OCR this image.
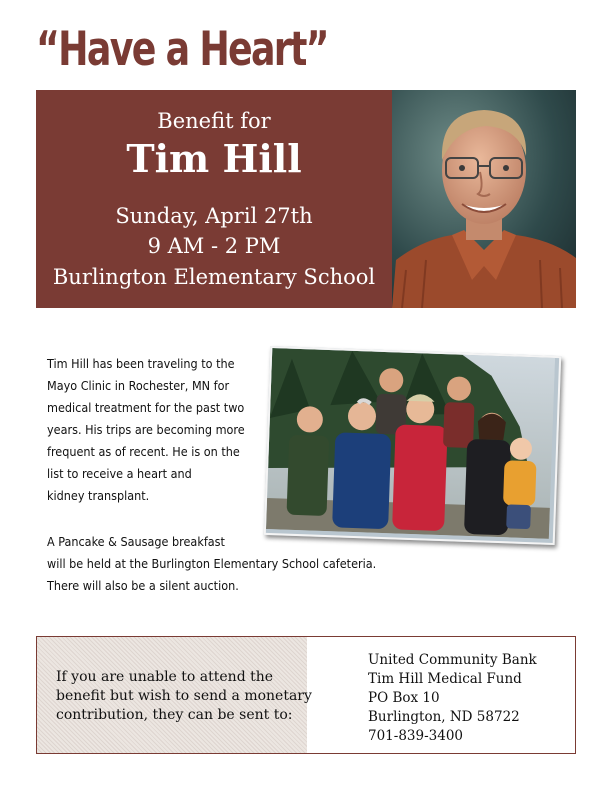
“Have a Heart”
Benefit for
Tim Hill
Sunday, April 27th
9 AM - 2 PM
Burlington Elementary School
Tim Hill has been traveling to the
Mayo Clinic in Rochester, MN for
medical treatment for the past two
years. His trips are becoming more
frequent as of recent. He is on the
list to receive a heart and
kidney transplant.
A Pancake & Sausage breakfast
will be held at the Burlington Elementary School cafeteria.
There will also be a silent auction.
If you are unable to attend the
benefit but wish to send a monetary
contribution, they can be sent to:
United Community Bank
Tim Hill Medical Fund
PO Box 10
Burlington, ND 58722
701-839-3400
